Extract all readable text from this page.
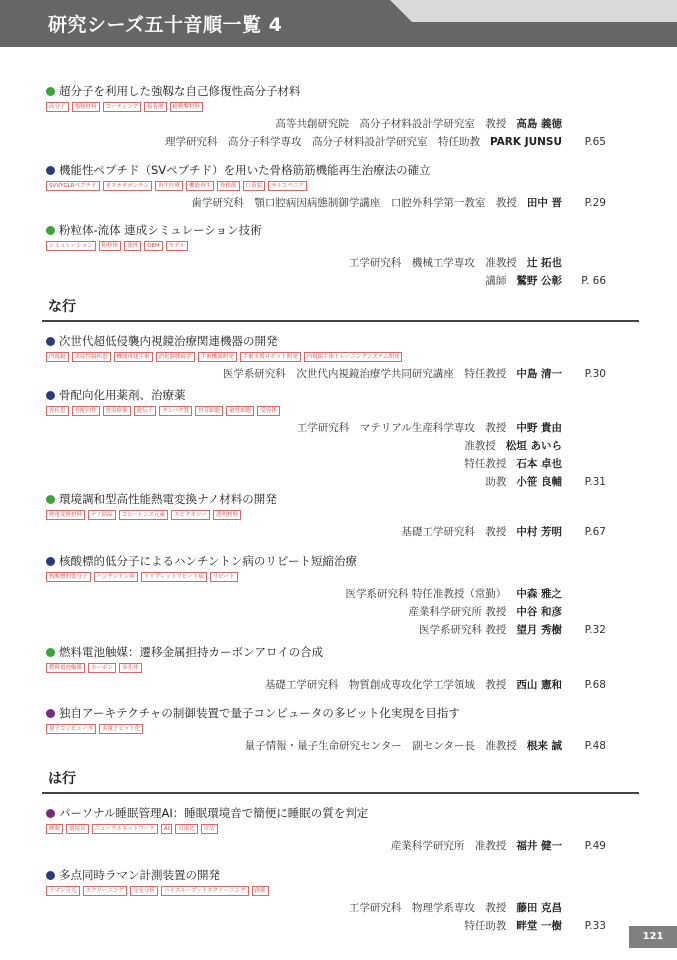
研究シーズ五十音順一覧 4
超分子を利用した強靱な自己修復性高分子材料
高分子 強靭材料 コーティング 接着剤 耐衝撃材料
高等共創研究院　高分子材料設計学研究室　教授 高島 義徳
理学研究科　高分子科学専攻　高分子材料設計学研究室　特任助教 PARK JUNSU P.65
機能性ペプチド（SVペプチド）を用いた骨格筋筋機能再生治療法の確立
SVVYGLRペプチド オステオポンチン 再生医療 機能再生 骨格筋 口蓋裂 サルコペニア
歯学研究科　顎口腔病因病態制御学講座　口腔外科学第一教室　教授 田中 晋 P.29
粉粒体-流体 連成シミュレーション技術
シミュレーション 粉粒体 流体 DEM モデル
工学研究科　機械工学専攻　准教授 辻 拓也
講師 鷲野 公彰 P. 66
な行
次世代超低侵襲内視鏡治療関連機器の開発
内視鏡 炎症性腸疾患 機能再建手術 消化器腫瘍学 手術機器開発 手術支援ロボット開発 内視鏡手術トレーニングシステム開発
医学系研究科　次世代内視鏡治療学共同研究講座　特任教授 中島 清一 P.30
骨配向化用薬剤、治療薬
骨疾患 骨配向性 骨治療薬 遺伝子 タンパク質 骨芽細胞 破骨細胞 受容体
工学研究科　マテリアル生産科学専攻　教授 中野 貴由
准教授 松垣 あいら
特任教授 石本 卓也
助教 小笹 良輔 P.31
環境調和型高性能熱電変換ナノ材料の開発
熱電変換材料 ナノ結晶 コヒーレンス元素 エピタキシー 透明材料
基礎工学研究科　教授 中村 芳明 P.67
核酸標的低分子によるハンチントン病のリピート短縮治療
核酸標的低分子 ハンチントン病 トリプレットリピート病 リピート
医学系研究科 特任准教授（常勤） 中森 雅之
産業科学研究所 教授 中谷 和彦
医学系研究科 教授 望月 秀樹 P.32
燃料電池触媒：遷移金属担持カーボンアロイの合成
燃料電池触媒 カーボン 多孔体
基礎工学研究科　物質創成専攻化学工学領域　教授 西山 憲和 P.68
独自アーキテクチャの制御装置で量子コンピュータの多ビット化実現を目指す
量子コンピュータ 多量子ビット化
量子情報・量子生命研究センター　副センター長　准教授 根来 誠 P.48
は行
パーソナル睡眠管理AI：睡眠環境音で簡便に睡眠の質を判定
睡眠 環境音 ニューラルネットワーク AI 可視化 自活
産業科学研究所　准教授 福井 健一 P.49
多点同時ラマン計測装置の開発
ラマン分光 スクリーニング 分光分析 ハイスループットスクリーニング 創薬
工学研究科　物理学系専攻　教授 藤田 克昌
特任助教 畔堂 一樹 P.33
121
